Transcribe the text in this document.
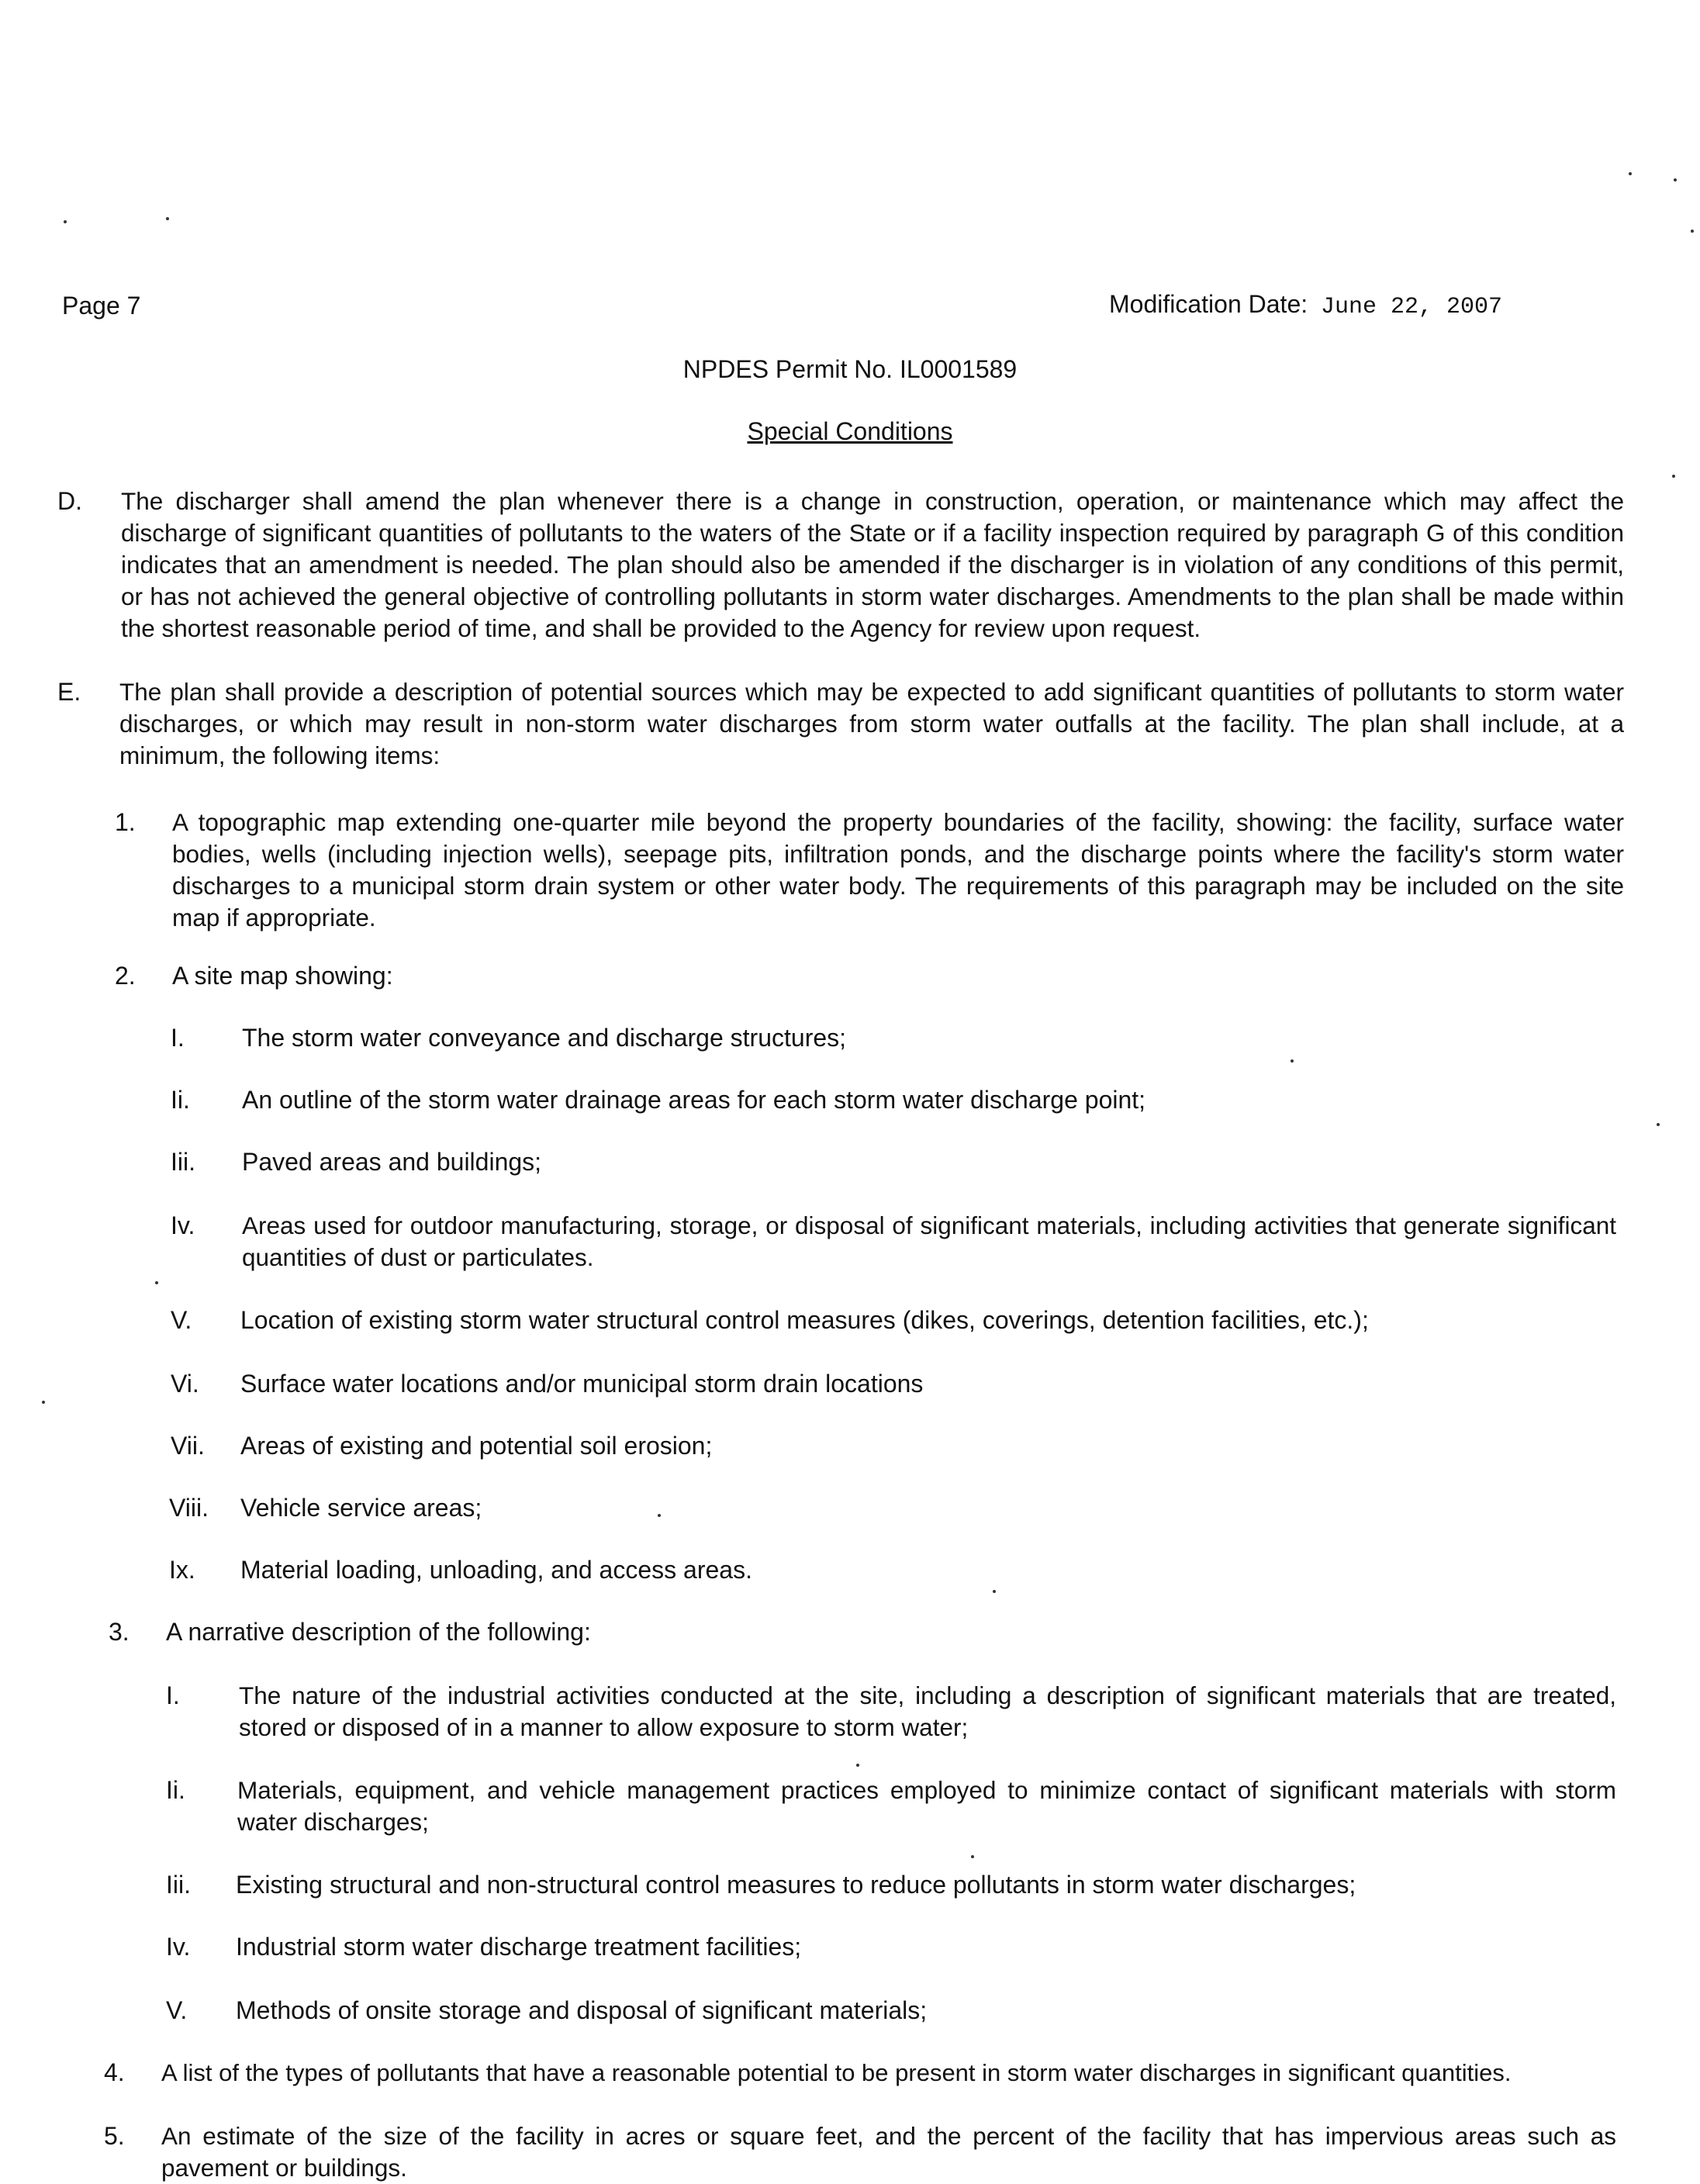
Page 7	Modification Date: June 22, 2007
NPDES Permit No. IL0001589
Special Conditions
D. The discharger shall amend the plan whenever there is a change in construction, operation, or maintenance which may affect the discharge of significant quantities of pollutants to the waters of the State or if a facility inspection required by paragraph G of this condition indicates that an amendment is needed. The plan should also be amended if the discharger is in violation of any conditions of this permit, or has not achieved the general objective of controlling pollutants in storm water discharges. Amendments to the plan shall be made within the shortest reasonable period of time, and shall be provided to the Agency for review upon request.
E. The plan shall provide a description of potential sources which may be expected to add significant quantities of pollutants to storm water discharges, or which may result in non-storm water discharges from storm water outfalls at the facility. The plan shall include, at a minimum, the following items:
1. A topographic map extending one-quarter mile beyond the property boundaries of the facility, showing: the facility, surface water bodies, wells (including injection wells), seepage pits, infiltration ponds, and the discharge points where the facility's storm water discharges to a municipal storm drain system or other water body. The requirements of this paragraph may be included on the site map if appropriate.
2. A site map showing:
I. The storm water conveyance and discharge structures;
Ii. An outline of the storm water drainage areas for each storm water discharge point;
Iii. Paved areas and buildings;
Iv. Areas used for outdoor manufacturing, storage, or disposal of significant materials, including activities that generate significant quantities of dust or particulates.
V. Location of existing storm water structural control measures (dikes, coverings, detention facilities, etc.);
Vi. Surface water locations and/or municipal storm drain locations
Vii. Areas of existing and potential soil erosion;
Viii. Vehicle service areas;
Ix. Material loading, unloading, and access areas.
3. A narrative description of the following:
I. The nature of the industrial activities conducted at the site, including a description of significant materials that are treated, stored or disposed of in a manner to allow exposure to storm water;
Ii. Materials, equipment, and vehicle management practices employed to minimize contact of significant materials with storm water discharges;
Iii. Existing structural and non-structural control measures to reduce pollutants in storm water discharges;
Iv. Industrial storm water discharge treatment facilities;
V. Methods of onsite storage and disposal of significant materials;
4. A list of the types of pollutants that have a reasonable potential to be present in storm water discharges in significant quantities.
5. An estimate of the size of the facility in acres or square feet, and the percent of the facility that has impervious areas such as pavement or buildings.
